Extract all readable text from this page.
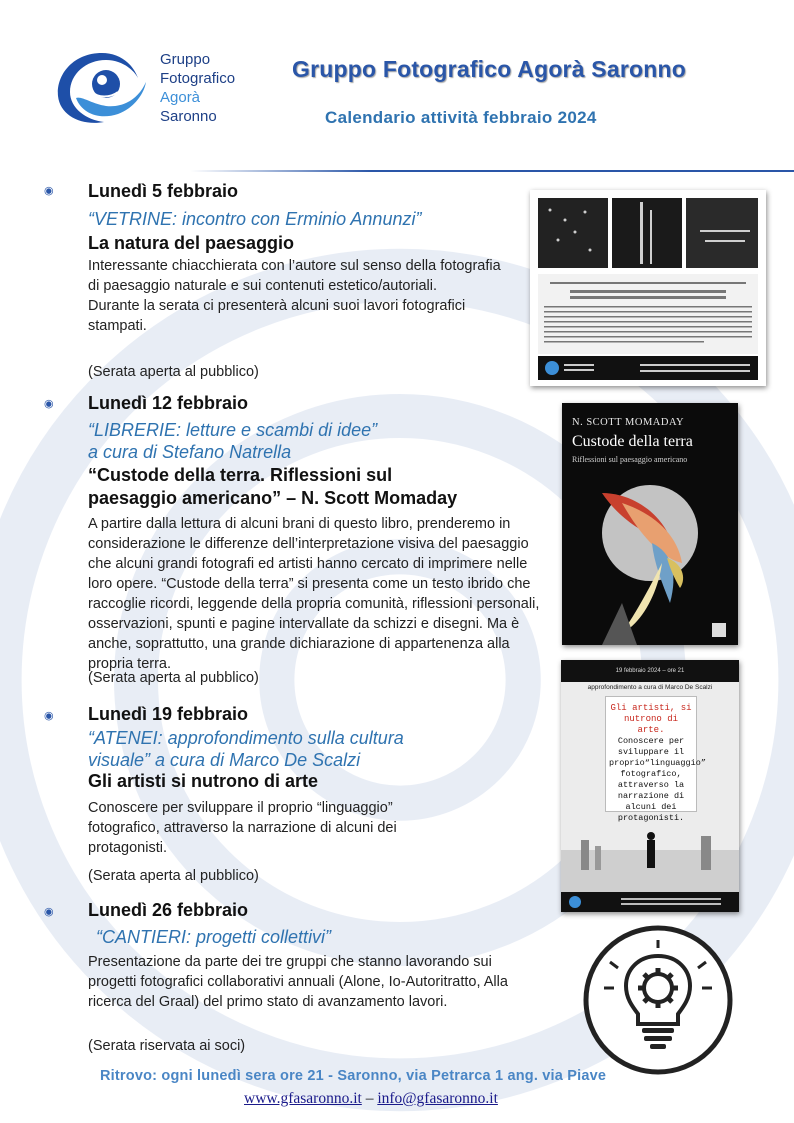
Gruppo
Fotografico
Agorà
Saronno
Gruppo Fotografico Agorà Saronno
Calendario attività febbraio 2024
◉ Lunedì 5 febbraio
“VETRINE: incontro con Erminio Annunzi”
La natura del paesaggio

Interessante chiacchierata con l’autore sul senso della fotografia di paesaggio naturale e sui contenuti estetico/autoriali.

Durante la serata ci presenterà alcuni suoi lavori fotografici stampati.

(Serata aperta al pubblico)
◉ Lunedì 12 febbraio
“LIBRERIE: letture e scambi di idee”
a cura di Stefano Natrella
“Custode della terra. Riflessioni sul
paesaggio americano” – N. Scott Momaday

A partire dalla lettura di alcuni brani di questo libro, prenderemo in considerazione le differenze dell’interpretazione visiva del paesaggio che alcuni grandi fotografi ed artisti hanno cercato di imprimere nelle loro opere. “Custode della terra” si presenta come un testo ibrido che raccoglie ricordi, leggende della propria comunità, riflessioni personali, osservazioni, spunti e pagine intervallate da schizzi e disegni. Ma è anche, soprattutto, una grande dichiarazione di appartenenza alla propria terra.

(Serata aperta al pubblico)
N. SCOTT MOMADAY
Custode della terra
Riflessioni sul paesaggio americano
◉ Lunedì 19 febbraio
“ATENEI: approfondimento sulla cultura
visuale” a cura di Marco De Scalzi
Gli artisti si nutrono di arte

Conoscere per sviluppare il proprio “linguaggio” fotografico, attraverso la narrazione di alcuni dei protagonisti.

(Serata aperta al pubblico)
19 febbraio 2024 – ore 21
approfondimento a cura di Marco De Scalzi
Gli artisti, si nutrono di arte.
Conoscere per sviluppare il proprio“linguaggio” fotografico, attraverso la narrazione di alcuni dei protagonisti.
◉ Lunedì 26 febbraio
“CANTIERI: progetti collettivi”

Presentazione da parte dei tre gruppi che stanno lavorando sui progetti fotografici collaborativi annuali (Alone, Io-Autoritratto, Alla ricerca del Graal) del primo stato di avanzamento lavori.

(Serata riservata ai soci)
Ritrovo: ogni lunedì sera ore 21 - Saronno, via Petrarca 1 ang. via Piave
www.gfasaronno.it – info@gfasaronno.it
